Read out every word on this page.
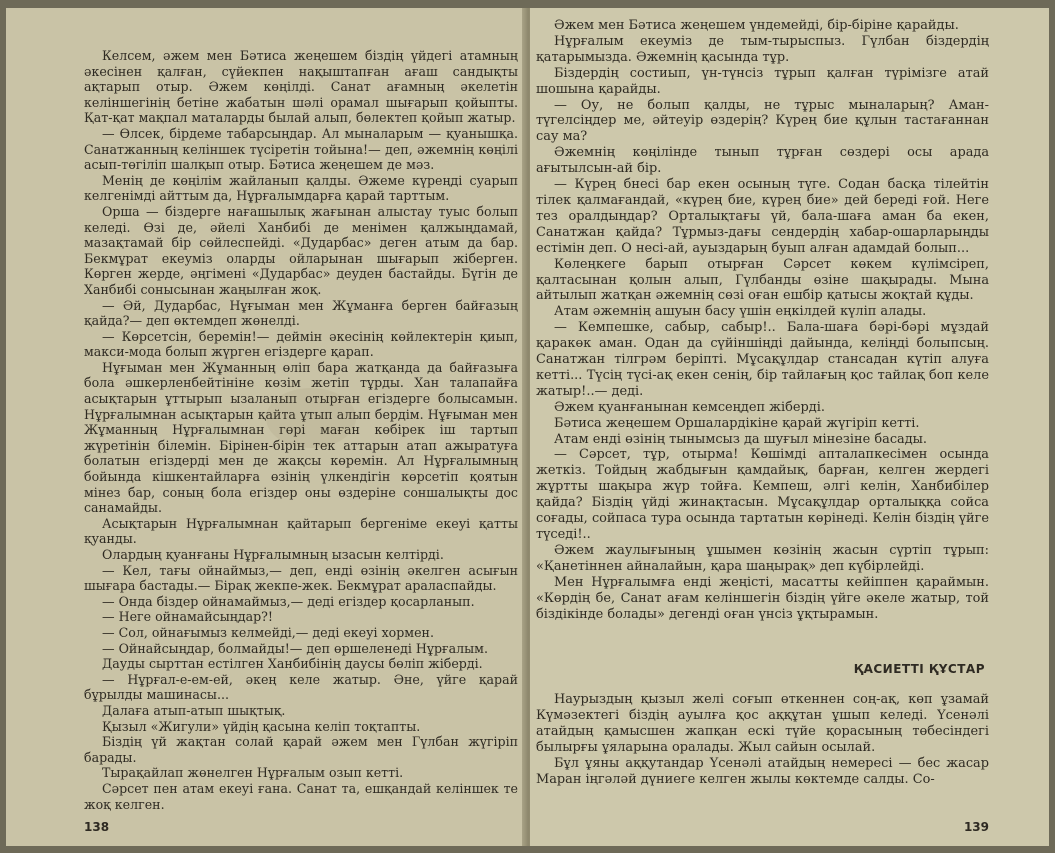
Келсем, әжем мен Бәтиса жеңешем біздің үйдегі атамның әкесінен қалған, сүйекпен нақыштапған ағаш сандықты ақтарып отыр. Әжем көңілді. Санат ағамның әкелетін келіншегінің бетіне жабатын шәлі орамал шығарып қойыпты. Қат-қат мақпал маталарды былай алып, бөлектеп қойып жатыр.

— Өлсек, бірдеме табарсыңдар. Ал мыналарым — қуанышқа. Санатжанның келіншек түсіретін тойына!— деп, әжемнің көңілі асып-төгіліп шалқып отыр. Бәтиса жеңешем де мәз.

Менің де көңілім жайланып қалды. Әжеме күреңді суарып келгенімді айттым да, Нұрғалымдарға қарай тарттым.

Орша — біздерге нағашылық жағынан алыстау туыс болып келеді. Өзі де, әйелі Ханбибі де менімен қалжыңдамай, мазақтамай бір сөйлеспейді. «Дударбас» деген атым да бар. Бекмұрат екеуміз оларды ойларынан шығарып жіберген. Көрген жерде, әңгімені «Дударбас» деуден бастайды. Бүгін де Ханбибі сонысынан жаңылған жоқ.

— Әй, Дударбас, Нұғыман мен Жұманға берген байғазың қайда?— деп өктемдеп жөнелді.

— Көрсетсін, беремін!— деймін әкесінің көйлектерін қиып, макси-мода болып жүрген егіздерге қарап.

Нұғыман мен Жұманның өліп бара жатқанда да байғазыға бола әшкерленбейтініне көзім жетіп тұрды. Хан талапайға асықтарын ұттырып ызаланып отырған егіздерге болысамын. Нұрғалымнан асықтарын қайта ұтып алып бердім. Нұғыман мен Жұманның Нұрғалымнан гөрі маған көбірек іш тартып жүретінін білемін. Бірінен-бірін тек аттарын атап ажыратуға болатын егіздерді мен де жақсы көремін. Ал Нұрғалымның бойында кішкентайларға өзінің үлкендігін көрсетіп қоятын мінез бар, соның бола егіздер оны өздеріне соншалықты дос санамайды.

Асықтарын Нұрғалымнан қайтарып бергеніме екеуі қатты қуанды.

Олардың қуанғаны Нұрғалымның ызасын келтірді.

— Кел, тағы ойнаймыз,— деп, енді өзінің әкелген асығын шығара бастады.— Бірақ жекпе-жек. Бекмұрат араласпайды.

— Онда біздер ойнамаймыз,— деді егіздер қосарланып.

— Неге ойнамайсыңдар?!

— Сол, ойнағымыз келмейді,— деді екеуі хормен.

— Ойнайсыңдар, болмайды!— деп өршеленеді Нұрғалым.

Дауды сырттан естілген Ханбибінің даусы бөліп жіберді.

— Нұрғал-е-ем-ей, әкең келе жатыр. Әне, үйге қарай бұрылды машинасы...

Далаға атып-атып шықтық.

Қызыл «Жигули» үйдің қасына келіп тоқтапты.

Біздің үй жақтан солай қарай әжем мен Гүлбан жүгіріп барады.

Тырақайлап жөнелген Нұрғалым озып кетті.

Сәрсет пен атам екеуі ғана. Санат та, ешқандай келіншек те жоқ келген.

138

Әжем мен Бәтиса жеңешем үндемейді, бір-біріне қарайды.

Нұрғалым екеуміз де тым-тырыспыз. Гүлбан біздердің қатарымызда. Әжемнің қасында тұр.

Біздердің состиып, үн-түнсіз тұрып қалған түрімізге атай шошына қарайды.

— Оу, не болып қалды, не тұрыс мыналарың? Аман-түгелсіңдер ме, әйтеуір өздерің? Күрең бие құлын тастағаннан сау ма?

Әжемнің көңілінде тынып тұрған сөздері осы арада ағытылсын-ай бір.

— Күрең бнесі бар екен осының түге. Содан басқа тілейтін тілек қалмағандай, «күрең бие, күрең бие» дей береді ғой. Неге тез оралдыңдар? Орталықтағы үй, бала-шаға аман ба екен, Санатжан қайда? Тұрмыз-дағы сендердің хабар-ошарларыңды естімін деп. О несі-ай, ауыздарың буып алған адамдай болып...

Көлеңкеге барып отырған Сәрсет көкем күлімсіреп, қалтасынан қолын алып, Гүлбанды өзіне шақырады. Мына айтылып жатқан әжемнің сөзі оған ешбір қатысы жоқтай құды.

Атам әжемнің ашуын басу үшін еңкілдей күліп алады.

— Кемпешке, сабыр, сабыр!.. Бала-шаға бәрі-бәрі мұздай қаракөк аман. Одан да сүйіншіңді дайында, келіңді болыпсың. Санатжан тілгрәм беріпті. Мұсақұлдар стансадан күтіп алуға кетті... Түсің түсі-ақ екен сенің, бір тайлағың қос тайлақ боп келе жатыр!..— деді.

Әжем қуанғанынан кемсеңдеп жіберді.

Бәтиса жеңешем Оршалардікіне қарай жүгіріп кетті.

Атам енді өзінің тынымсыз да шуғыл мінезіне басады.

— Сәрсет, тұр, отырма! Көшімді апталапкесімен осында жеткіз. Тойдың жабдығын қамдайық, барған, келген жердегі жұртты шақыра жүр тойға. Кемпеш, әлгі келін, Ханбибілер қайда? Біздің үйді жинақтасын. Мұсақұлдар орталыққа сойса соғады, сойпаса тура осында тартатын көрінеді. Келін біздің үйге түседі!..

Әжем жаулығының ұшымен көзінің жасын сүртіп тұрып: «Қанетіннен айналайын, қара шаңырақ» деп күбірлейді.

Мен Нұрғалымға енді жеңісті, масатты кейіппен қараймын. «Көрдің бе, Санат ағам келіншегін біздің үйге әкеле жатыр, той біздікінде болады» дегенді оған үнсіз ұқтырамын.

ҚАСИЕТТІ ҚҰСТАР

Наурыздың қызыл желі соғып өткеннен соң-ақ, көп ұзамай Күмәзектегі біздің ауылға қос аққұтан ұшып келеді. Үсенәлі атайдың қамысшен жапқан ескі түйе қорасының төбесіндегі былырғы ұяларына оралады. Жыл сайын осылай.

Бұл ұяны аққутандар Үсенәлі атайдың немересі — бес жасар Маран іңгәләй дүниеге келген жылы көктемде салды. Со-

139
